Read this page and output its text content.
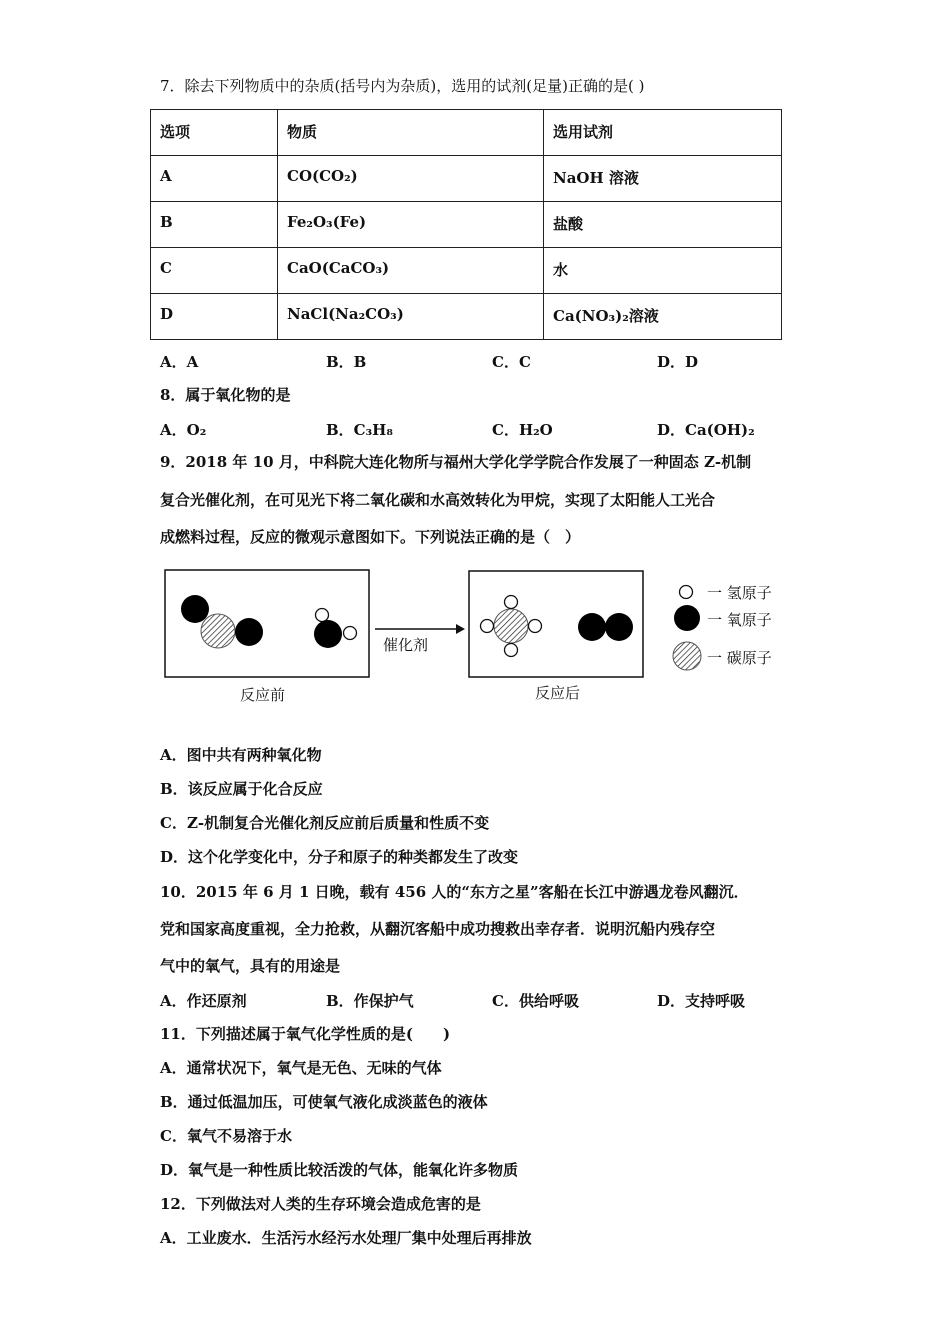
7．除去下列物质中的杂质(括号内为杂质)，选用的试剂(足量)正确的是( )
选项	物质	选用试剂
A	CO(CO₂)	NaOH 溶液
B	Fe₂O₃(Fe)	盐酸
C	CaO(CaCO₃)	水
D	NaCl(Na₂CO₃)	Ca(NO₃)₂溶液
A．A	B．B	C．C	D．D
8．属于氧化物的是
A．O₂	B．C₃H₈	C．H₂O	D．Ca(OH)₂
9．2018 年 10 月，中科院大连化物所与福州大学化学学院合作发展了一种固态 Z-机制
复合光催化剂，在可见光下将二氧化碳和水高效转化为甲烷，实现了太阳能人工光合
成燃料过程，反应的微观示意图如下。下列说法正确的是（　）
催化剂
反应前	反应后
一 氢原子
一 氧原子
一 碳原子
A．图中共有两种氧化物
B．该反应属于化合反应
C．Z-机制复合光催化剂反应前后质量和性质不变
D．这个化学变化中，分子和原子的种类都发生了改变
10．2015 年 6 月 1 日晚，载有 456 人的“东方之星”客船在长江中游遇龙卷风翻沉．
党和国家高度重视，全力抢救，从翻沉客船中成功搜救出幸存者．说明沉船内残存空
气中的氧气，具有的用途是
A．作还原剂	B．作保护气	C．供给呼吸	D．支持呼吸
11．下列描述属于氧气化学性质的是(　　)
A．通常状况下，氧气是无色、无味的气体
B．通过低温加压，可使氧气液化成淡蓝色的液体
C．氧气不易溶于水
D．氧气是一种性质比较活泼的气体，能氧化许多物质
12．下列做法对人类的生存环境会造成危害的是
A．工业废水．生活污水经污水处理厂集中处理后再排放
